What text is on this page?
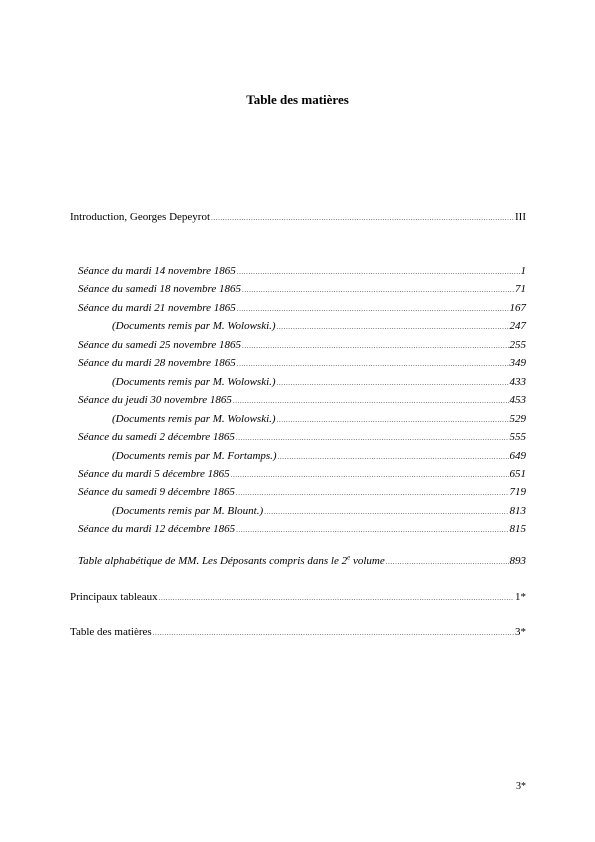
Table des matières
Introduction, Georges Depeyrot .....	III
Séance du mardi 14 novembre 1865 .....	1
Séance du samedi 18 novembre 1865 .....	71
Séance du mardi 21 novembre 1865 .....	167
(Documents remis par M. Wolowski.) .....	247
Séance du samedi 25 novembre 1865 .....	255
Séance du mardi 28 novembre 1865 .....	349
(Documents remis par M. Wolowski.) .....	433
Séance du jeudi 30 novembre 1865 .....	453
(Documents remis par M. Wolowski.) .....	529
Séance du samedi 2 décembre 1865 .....	555
(Documents remis par M. Fortamps.) .....	649
Séance du mardi 5 décembre 1865 .....	651
Séance du samedi 9 décembre 1865 .....	719
(Documents remis par M. Blount.) .....	813
Séance du mardi 12 décembre 1865 .....	815
Table alphabétique de MM. Les Déposants compris dans le 2e volume .....	893
Principaux tableaux .....	1*
Table des matières .....	3*
3*
